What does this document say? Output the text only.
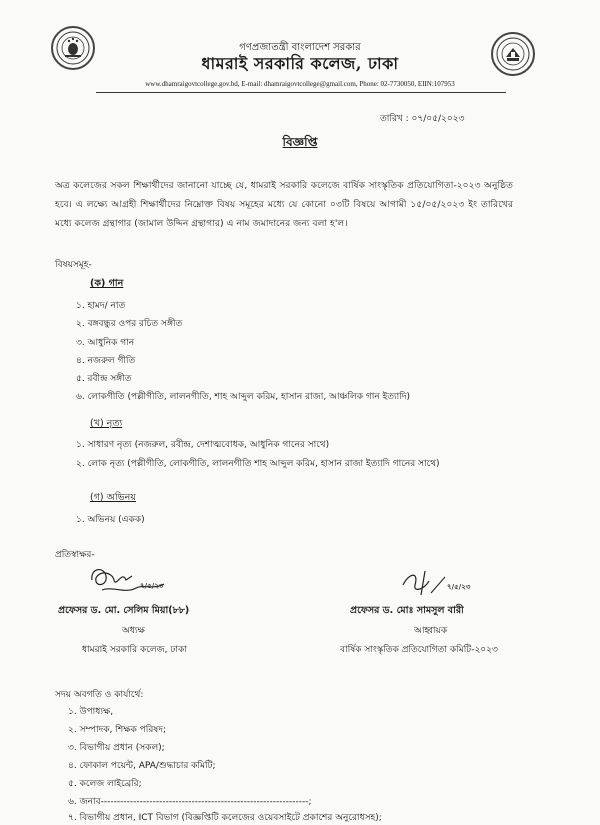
গণপ্রজাতন্ত্রী বাংলাদেশ সরকার
ধামরাই সরকারি কলেজ, ঢাকা
www.dhamraigovtcollege.gov.bd, E-mail: dhamraigovtcollege@gmail.com, Phone: 02-7730050, EIIN:107953
তারিখ : ০৭/০৫/২০২৩
বিজ্ঞপ্তি
অত্র কলেজের সকল শিক্ষার্থীদের জানানো যাচ্ছে যে, ধামরাই সরকারি কলেজে বার্ষিক সাংস্কৃতিক প্রতিযোগিতা-২০২৩ অনুষ্ঠিত হবে। এ লক্ষ্যে আগ্রহী শিক্ষার্থীদের নিম্নোক্ত বিষয় সমূহের মধ্যে যে কোনো ০৩টি বিষয়ে আগামী ১৫/০৫/২০২৩ ইং তারিখের মধ্যে কলেজ গ্রন্থাগার (জামাল উদ্দিন গ্রন্থাগার) এ নাম জমাদানের জন্য বলা হ'ল।
বিষয়সমূহ-
(ক) গান
১. হামদ/ নাত
২. বঙ্গবন্ধুর ওপর রচিত সঙ্গীত
৩. আধুনিক গান
৪. নজরুল গীতি
৫. রবীন্দ্র সঙ্গীত
৬. লোকগীতি (পল্লীগীতি, লালনগীতি, শাহ আব্দুল করিম, হাসান রাজা, আঞ্চলিক গান ইত্যাদি)
(খ) নৃত্য
১. সাধারণ নৃত্য (নজরুল, রবীন্দ্র, দেশাত্মবোধক, আধুনিক গানের সাথে)
২. লোক নৃত্য (পল্লীগীতি, লোকগীতি, লালনগীতি শাহ আব্দুল করিম, হাসান রাজা ইত্যাদি গানের সাথে)
(গ) অভিনয়
১. অভিনয় (একক)
প্রতিস্বাক্ষর-
৭/৫/২৩	৭/৫/২৩
প্রফেসর ড. মো. সেলিম মিয়া(৮৮)
অধ্যক্ষ
ধামরাই সরকারি কলেজ, ঢাকা
প্রফেসর ড. মোঃ সামসুল বারী
আহ্বায়ক
বার্ষিক সাংস্কৃতিক প্রতিযোগিতা কমিটি-২০২৩
সদয় অবগতি ও কার্যার্থে:
১. উপাধ্যক্ষ,
২. সম্পাদক, শিক্ষক পরিষদ;
৩. বিভাগীয় প্রধান (সকল);
৪. ফোকাল পয়েন্ট, APA/শুদ্ধাচার কমিটি;
৫. কলেজ লাইব্রেরি;
৬. জনাব----------------------------------------------------------------;
৭. বিভাগীয় প্রধান, ICT বিভাগ (বিজ্ঞপ্তিটি কলেজের ওয়েবসাইটে প্রকাশের অনুরোধসহ);
